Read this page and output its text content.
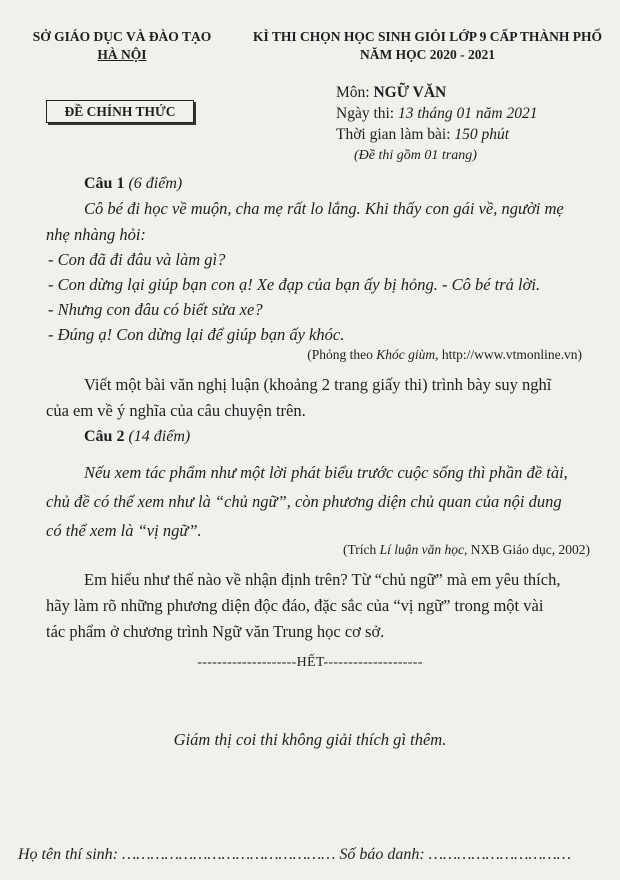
SỞ GIÁO DỤC VÀ ĐÀO TẠO
HÀ NỘI
KÌ THI CHỌN HỌC SINH GIỎI LỚP 9 CẤP THÀNH PHỐ
NĂM HỌC 2020 - 2021
ĐỀ CHÍNH THỨC
Môn: NGỮ VĂN
Ngày thi: 13 tháng 01 năm 2021
Thời gian làm bài: 150 phút
(Đề thi gồm 01 trang)
Câu 1 (6 điểm)
Cô bé đi học về muộn, cha mẹ rất lo lắng. Khi thấy con gái về, người mẹ
nhẹ nhàng hỏi:
- Con đã đi đâu và làm gì?
- Con dừng lại giúp bạn con ạ! Xe đạp của bạn ấy bị hỏng. - Cô bé trả lời.
- Nhưng con đâu có biết sửa xe?
- Đúng ạ! Con dừng lại để giúp bạn ấy khóc.
(Phỏng theo Khóc giùm, http://www.vtmonline.vn)
Viết một bài văn nghị luận (khoảng 2 trang giấy thi) trình bày suy nghĩ
của em về ý nghĩa của câu chuyện trên.
Câu 2 (14 điểm)
Nếu xem tác phẩm như một lời phát biểu trước cuộc sống thì phần đề tài,
chủ đề có thể xem như là “chủ ngữ”, còn phương diện chủ quan của nội dung
có thể xem là “vị ngữ”.
(Trích Lí luận văn học, NXB Giáo dục, 2002)
Em hiểu như thế nào về nhận định trên? Từ “chủ ngữ” mà em yêu thích,
hãy làm rõ những phương diện độc đáo, đặc sắc của “vị ngữ” trong một vài
tác phẩm ở chương trình Ngữ văn Trung học cơ sở.
--------------------HẾT--------------------
Giám thị coi thi không giải thích gì thêm.
Họ tên thí sinh: ……………………………………… Số báo danh: …………………………
